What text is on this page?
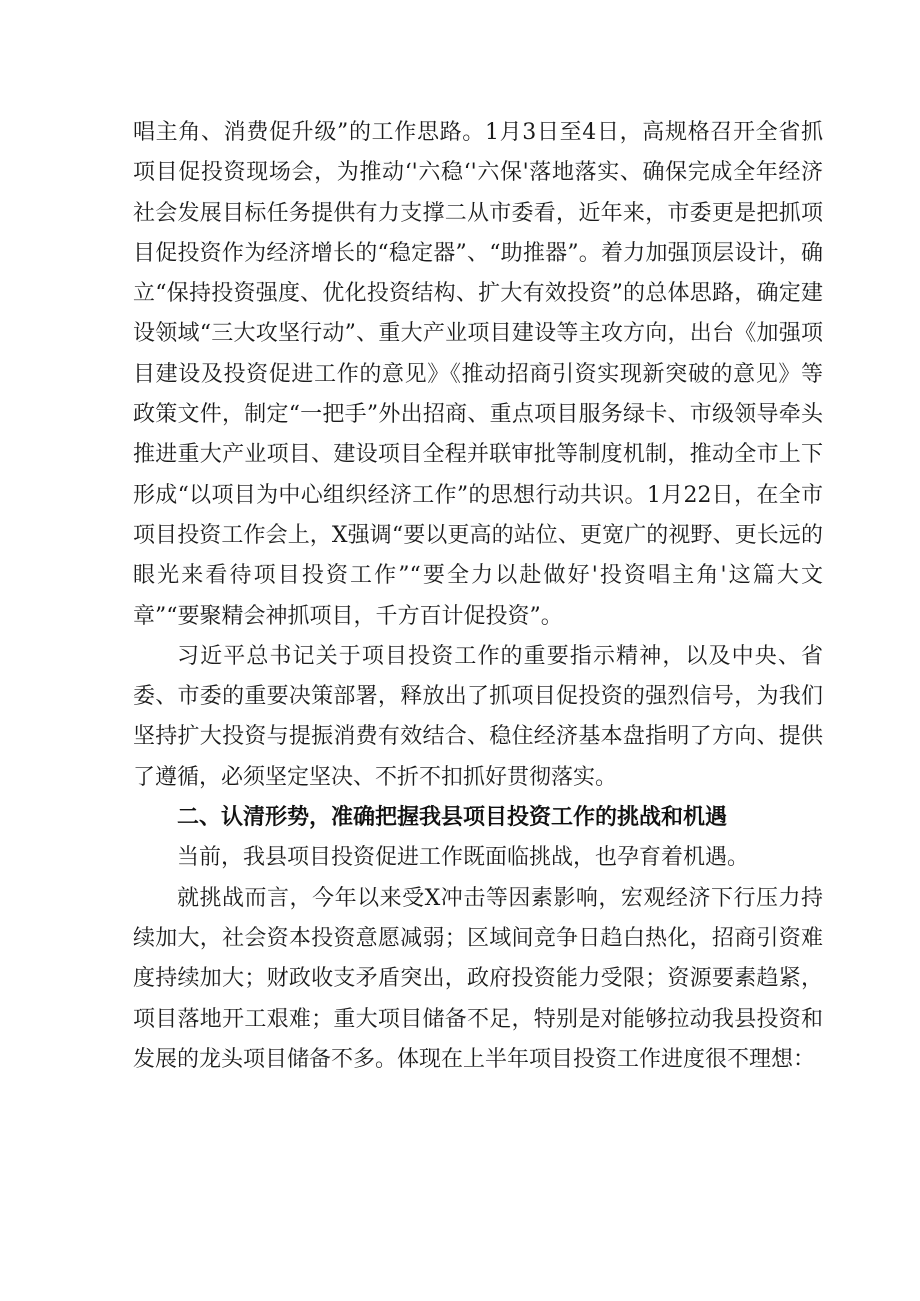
唱主角、消费促升级”的工作思路。1月3日至4日，高规格召开全省抓项目促投资现场会，为推动‘'六稳‘'六保'落地落实、确保完成全年经济社会发展目标任务提供有力支撑二从市委看，近年来，市委更是把抓项目促投资作为经济增长的“稳定器”、“助推器”。着力加强顶层设计，确立“保持投资强度、优化投资结构、扩大有效投资”的总体思路，确定建设领域“三大攻坚行动”、重大产业项目建设等主攻方向，出台《加强项目建设及投资促进工作的意见》《推动招商引资实现新突破的意见》等政策文件，制定“一把手”外出招商、重点项目服务绿卡、市级领导牵头推进重大产业项目、建设项目全程并联审批等制度机制，推动全市上下形成“以项目为中心组织经济工作”的思想行动共识。1月22日，在全市项目投资工作会上，X强调“要以更高的站位、更宽广的视野、更长远的眼光来看待项目投资工作”“要全力以赴做好'投资唱主角'这篇大文章”“要聚精会神抓项目，千方百计促投资”。

习近平总书记关于项目投资工作的重要指示精神，以及中央、省委、市委的重要决策部署，释放出了抓项目促投资的强烈信号，为我们坚持扩大投资与提振消费有效结合、稳住经济基本盘指明了方向、提供了遵循，必须坚定坚决、不折不扣抓好贯彻落实。

二、认清形势，准确把握我县项目投资工作的挑战和机遇

当前，我县项目投资促进工作既面临挑战，也孕育着机遇。

就挑战而言，今年以来受X冲击等因素影响，宏观经济下行压力持续加大，社会资本投资意愿减弱；区域间竞争日趋白热化，招商引资难度持续加大；财政收支矛盾突出，政府投资能力受限；资源要素趋紧，项目落地开工艰难；重大项目储备不足，特别是对能够拉动我县投资和发展的龙头项目储备不多。体现在上半年项目投资工作进度很不理想：
